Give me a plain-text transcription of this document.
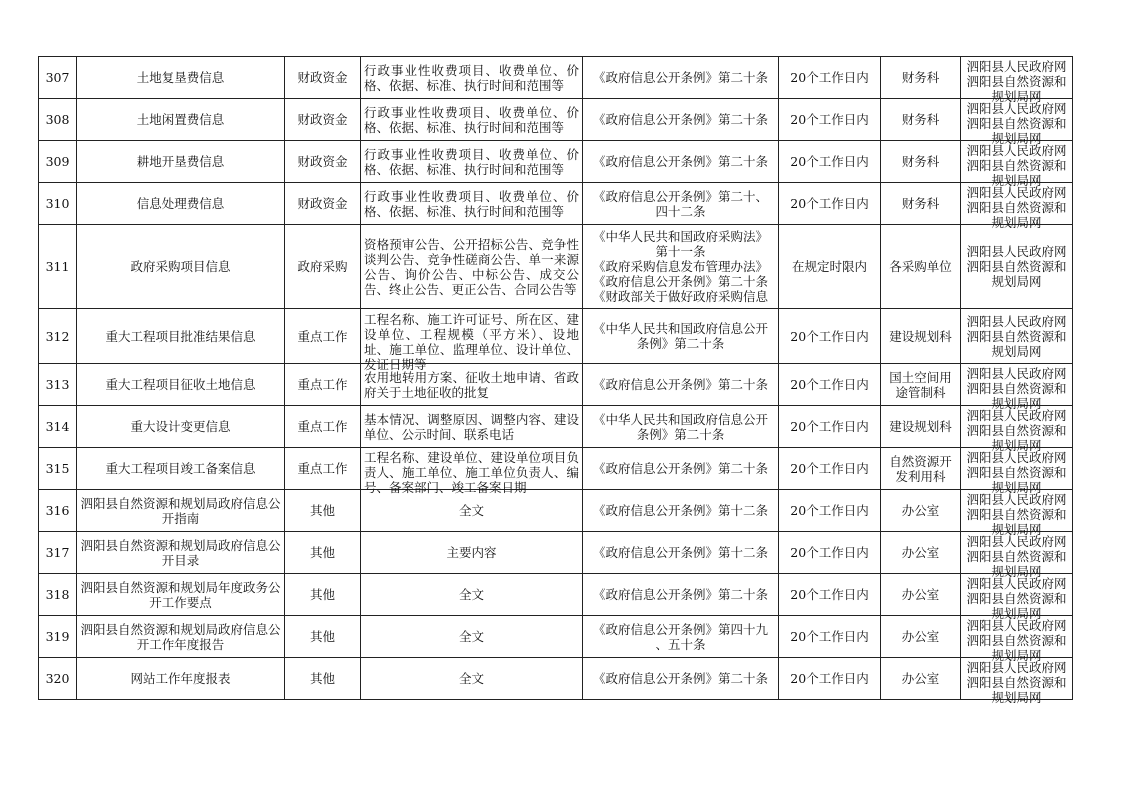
307	土地复垦费信息	财政资金	行政事业性收费项目、收费单位、价格、依据、标准、执行时间和范围等	《政府信息公开条例》第二十条	20个工作日内	财务科	泗阳县人民政府网
泗阳县自然资源和规划局网

308	土地闲置费信息	财政资金	行政事业性收费项目、收费单位、价格、依据、标准、执行时间和范围等	《政府信息公开条例》第二十条	20个工作日内	财务科	泗阳县人民政府网
泗阳县自然资源和规划局网

309	耕地开垦费信息	财政资金	行政事业性收费项目、收费单位、价格、依据、标准、执行时间和范围等	《政府信息公开条例》第二十条	20个工作日内	财务科	泗阳县人民政府网
泗阳县自然资源和规划局网

310	信息处理费信息	财政资金	行政事业性收费项目、收费单位、价格、依据、标准、执行时间和范围等	《政府信息公开条例》第二十、
四十二条	20个工作日内	财务科	泗阳县人民政府网
泗阳县自然资源和规划局网

311	政府采购项目信息	政府采购	资格预审公告、公开招标公告、竞争性谈判公告、竞争性磋商公告、单一来源公告、询价公告、中标公告、成交公告、终止公告、更正公告、合同公告等	《中华人民共和国政府采购法》
第十一条
《政府采购信息发布管理办法》
《政府信息公开条例》第二十条
《财政部关于做好政府采购信息	在规定时限内	各采购单位	泗阳县人民政府网
泗阳县自然资源和规划局网

312	重大工程项目批准结果信息	重点工作	工程名称、施工许可证号、所在区、建设单位、工程规模（平方米）、设地址、施工单位、监理单位、设计单位、发证日期等	《中华人民共和国政府信息公开
条例》第二十条	20个工作日内	建设规划科	泗阳县人民政府网
泗阳县自然资源和规划局网

313	重大工程项目征收土地信息	重点工作	农用地转用方案、征收土地申请、省政府关于土地征收的批复	《政府信息公开条例》第二十条	20个工作日内	国土空间用
途管制科	泗阳县人民政府网
泗阳县自然资源和规划局网

314	重大设计变更信息	重点工作	基本情况、调整原因、调整内容、建设单位、公示时间、联系电话	《中华人民共和国政府信息公开
条例》第二十条	20个工作日内	建设规划科	泗阳县人民政府网
泗阳县自然资源和规划局网

315	重大工程项目竣工备案信息	重点工作	工程名称、建设单位、建设单位项目负责人、施工单位、施工单位负责人、编号、备案部门、竣工备案日期	《政府信息公开条例》第二十条	20个工作日内	自然资源开
发利用科	泗阳县人民政府网
泗阳县自然资源和规划局网

316	泗阳县自然资源和规划局政府信息公开指南	其他	全文	《政府信息公开条例》第十二条	20个工作日内	办公室	泗阳县人民政府网
泗阳县自然资源和规划局网

317	泗阳县自然资源和规划局政府信息公开目录	其他	主要内容	《政府信息公开条例》第十二条	20个工作日内	办公室	泗阳县人民政府网
泗阳县自然资源和规划局网

318	泗阳县自然资源和规划局年度政务公开工作要点	其他	全文	《政府信息公开条例》第二十条	20个工作日内	办公室	泗阳县人民政府网
泗阳县自然资源和规划局网

319	泗阳县自然资源和规划局政府信息公开工作年度报告	其他	全文	《政府信息公开条例》第四十九
、五十条	20个工作日内	办公室	泗阳县人民政府网
泗阳县自然资源和规划局网

320	网站工作年度报表	其他	全文	《政府信息公开条例》第二十条	20个工作日内	办公室	泗阳县人民政府网
泗阳县自然资源和规划局网
